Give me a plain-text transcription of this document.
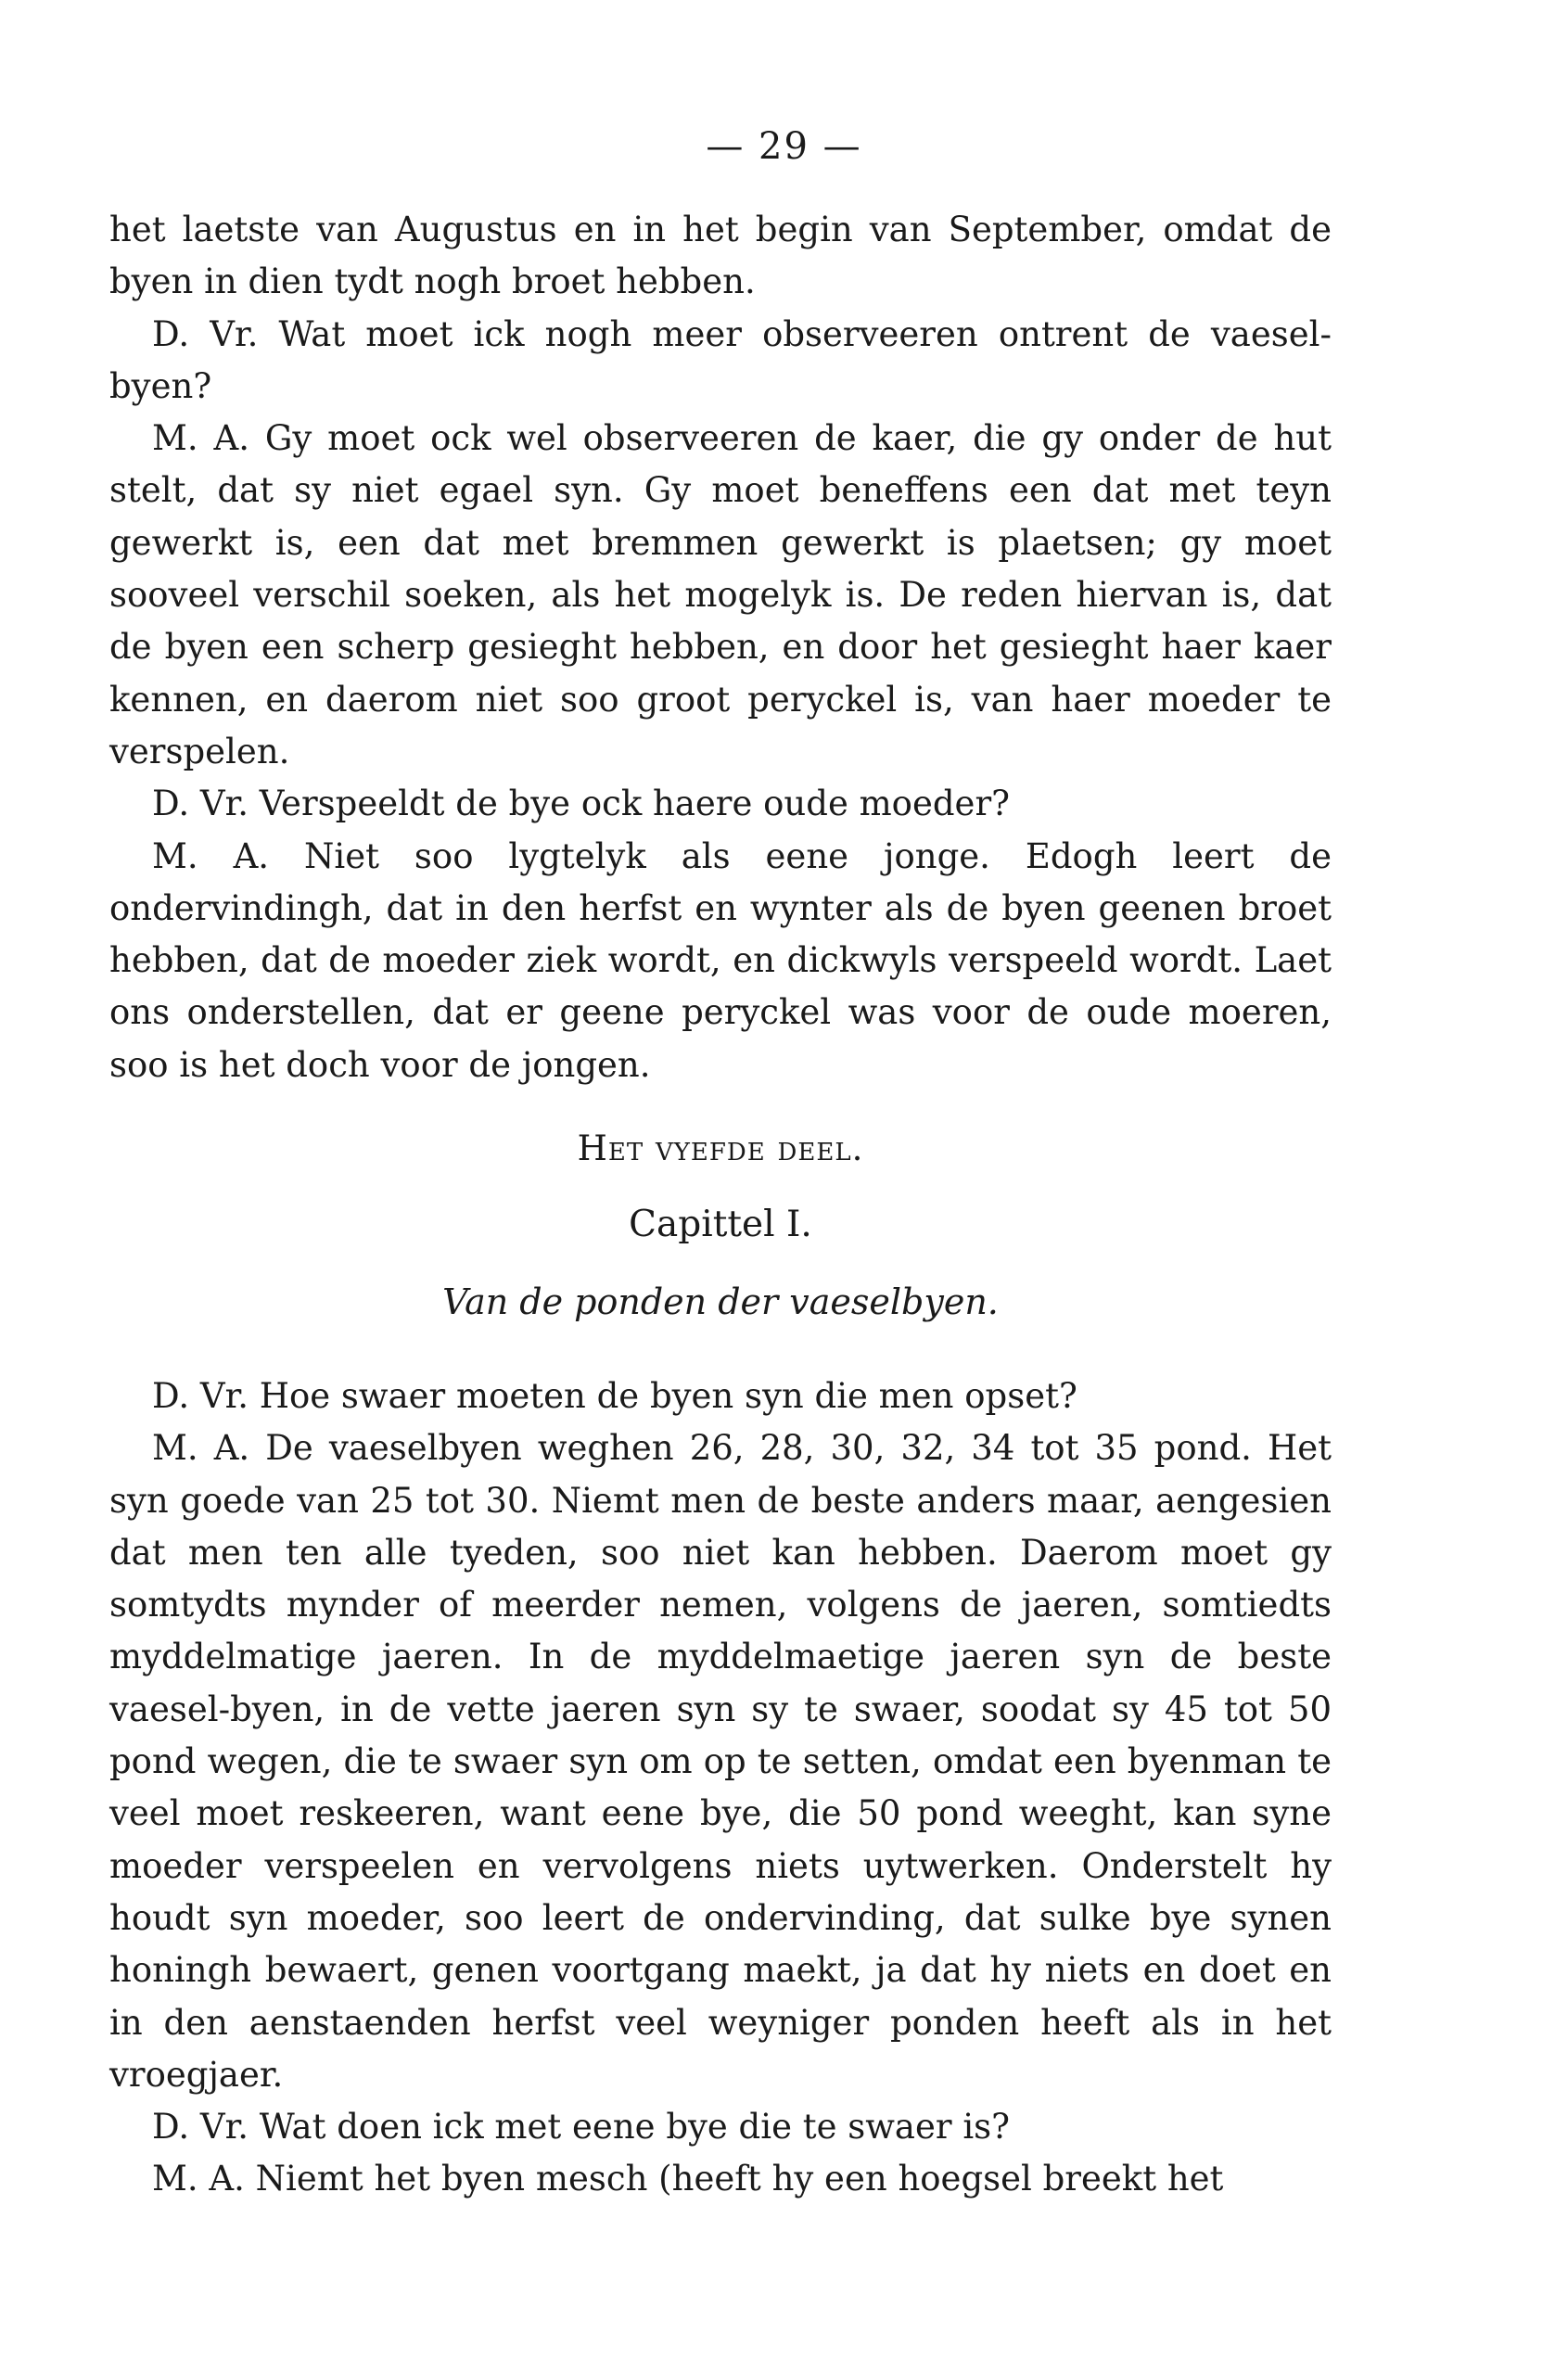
— 29 —

het laetste van Augustus en in het begin van September, omdat de byen in dien tydt nogh broet hebben.

D. Vr. Wat moet ick nogh meer observeeren ontrent de vaesel-byen?

M. A. Gy moet ock wel observeeren de kaer, die gy onder de hut stelt, dat sy niet egael syn. Gy moet beneffens een dat met teyn gewerkt is, een dat met bremmen gewerkt is plaetsen; gy moet sooveel verschil soeken, als het mogelyk is. De reden hiervan is, dat de byen een scherp gesieght hebben, en door het gesieght haer kaer kennen, en daerom niet soo groot peryckel is, van haer moeder te verspelen.

D. Vr. Verspeeldt de bye ock haere oude moeder?

M. A. Niet soo lygtelyk als eene jonge. Edogh leert de ondervindingh, dat in den herfst en wynter als de byen geenen broet hebben, dat de moeder ziek wordt, en dickwyls verspeeld wordt. Laet ons onderstellen, dat er geene peryckel was voor de oude moeren, soo is het doch voor de jongen.

Het vyefde deel.
Capittel I.
Van de ponden der vaeselbyen.

D. Vr. Hoe swaer moeten de byen syn die men opset?

M. A. De vaeselbyen weghen 26, 28, 30, 32, 34 tot 35 pond. Het syn goede van 25 tot 30. Niemt men de beste anders maar, aengesien dat men ten alle tyeden, soo niet kan hebben. Daerom moet gy somtydts mynder of meerder nemen, volgens de jaeren, somtiedts myddelmatige jaeren. In de myddelmaetige jaeren syn de beste vaesel-byen, in de vette jaeren syn sy te swaer, soodat sy 45 tot 50 pond wegen, die te swaer syn om op te setten, omdat een byenman te veel moet reskeeren, want eene bye, die 50 pond weeght, kan syne moeder verspeelen en vervolgens niets uytwerken. Onderstelt hy houdt syn moeder, soo leert de ondervinding, dat sulke bye synen honingh bewaert, genen voortgang maekt, ja dat hy niets en doet en in den aenstaenden herfst veel weyniger ponden heeft als in het vroegjaer.

D. Vr. Wat doen ick met eene bye die te swaer is?

M. A. Niemt het byen mesch (heeft hy een hoegsel breekt het
